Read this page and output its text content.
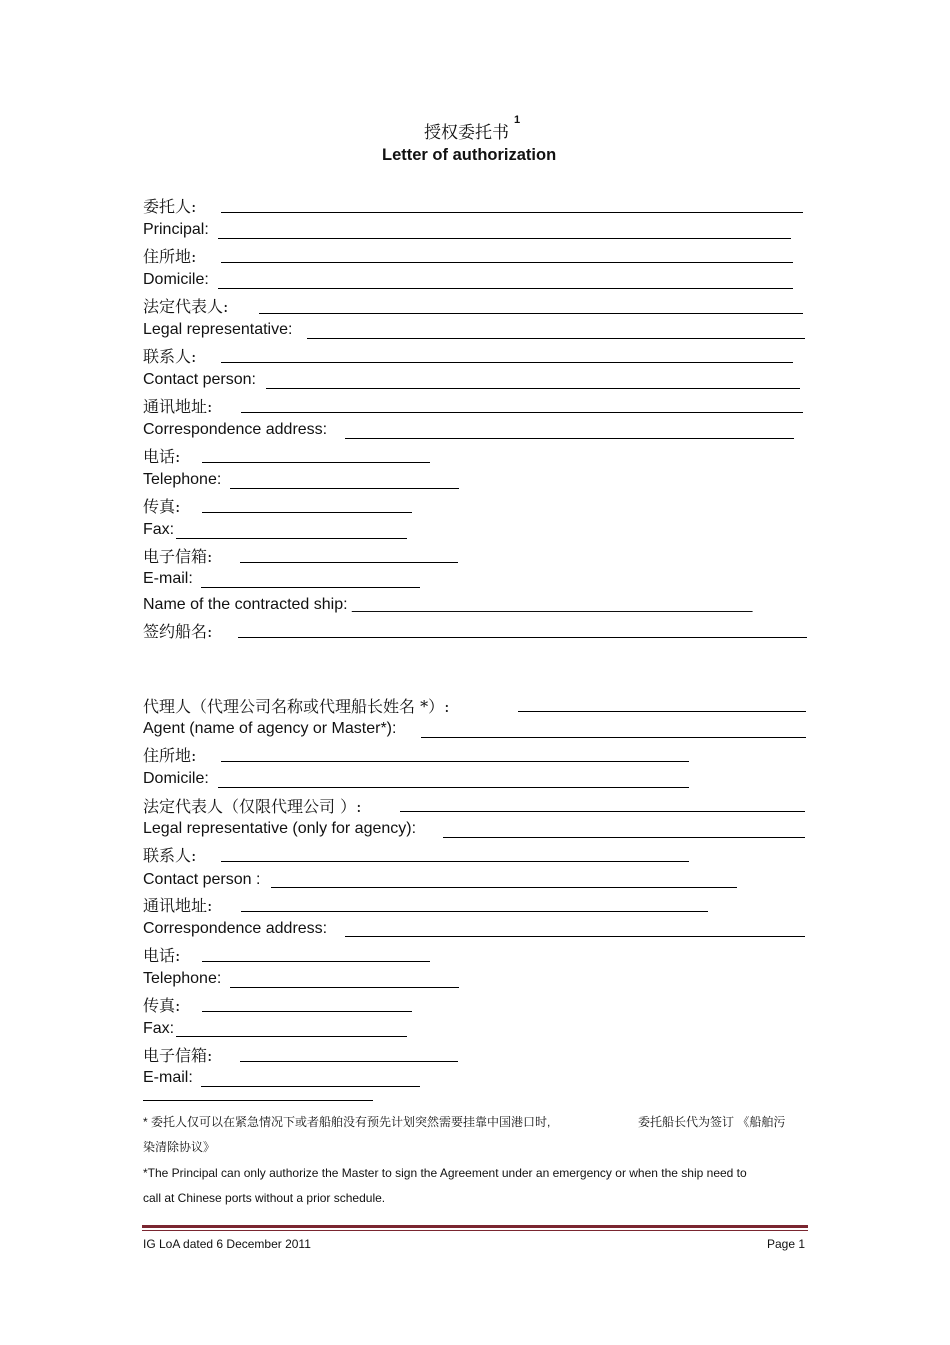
授权委托书$^1$
Letter of authorization
委托人:
Principal:
住所地:
Domicile:
法定代表人:
Legal representative:
联系人:
Contact person:
通讯地址:
Correspondence address:
电话:
Telephone:
传真:
Fax:
电子信箱:
E-mail:
Name of the contracted ship: _____________________________________________
签约船名:
代理人（代理公司名称或代理船长姓名 *）:
Agent (name of agency or Master*):
住所地:
Domicile:
法定代表人（仅限代理公司 ）:
Legal representative (only for agency):
联系人:
Contact person :
通讯地址:
Correspondence address:
电话:
Telephone:
传真:
Fax:
电子信箱:
E-mail:
* 委托人仅可以在紧急情况下或者船舶没有预先计划突然需要挂靠中国港口时,	委托船长代为签订 《船舶污
染清除协议》
*The Principal can only authorize the Master to sign the Agreement under an emergency or when the ship need to
call at Chinese ports without a prior schedule.
IG LoA dated 6 December 2011	Page 1
